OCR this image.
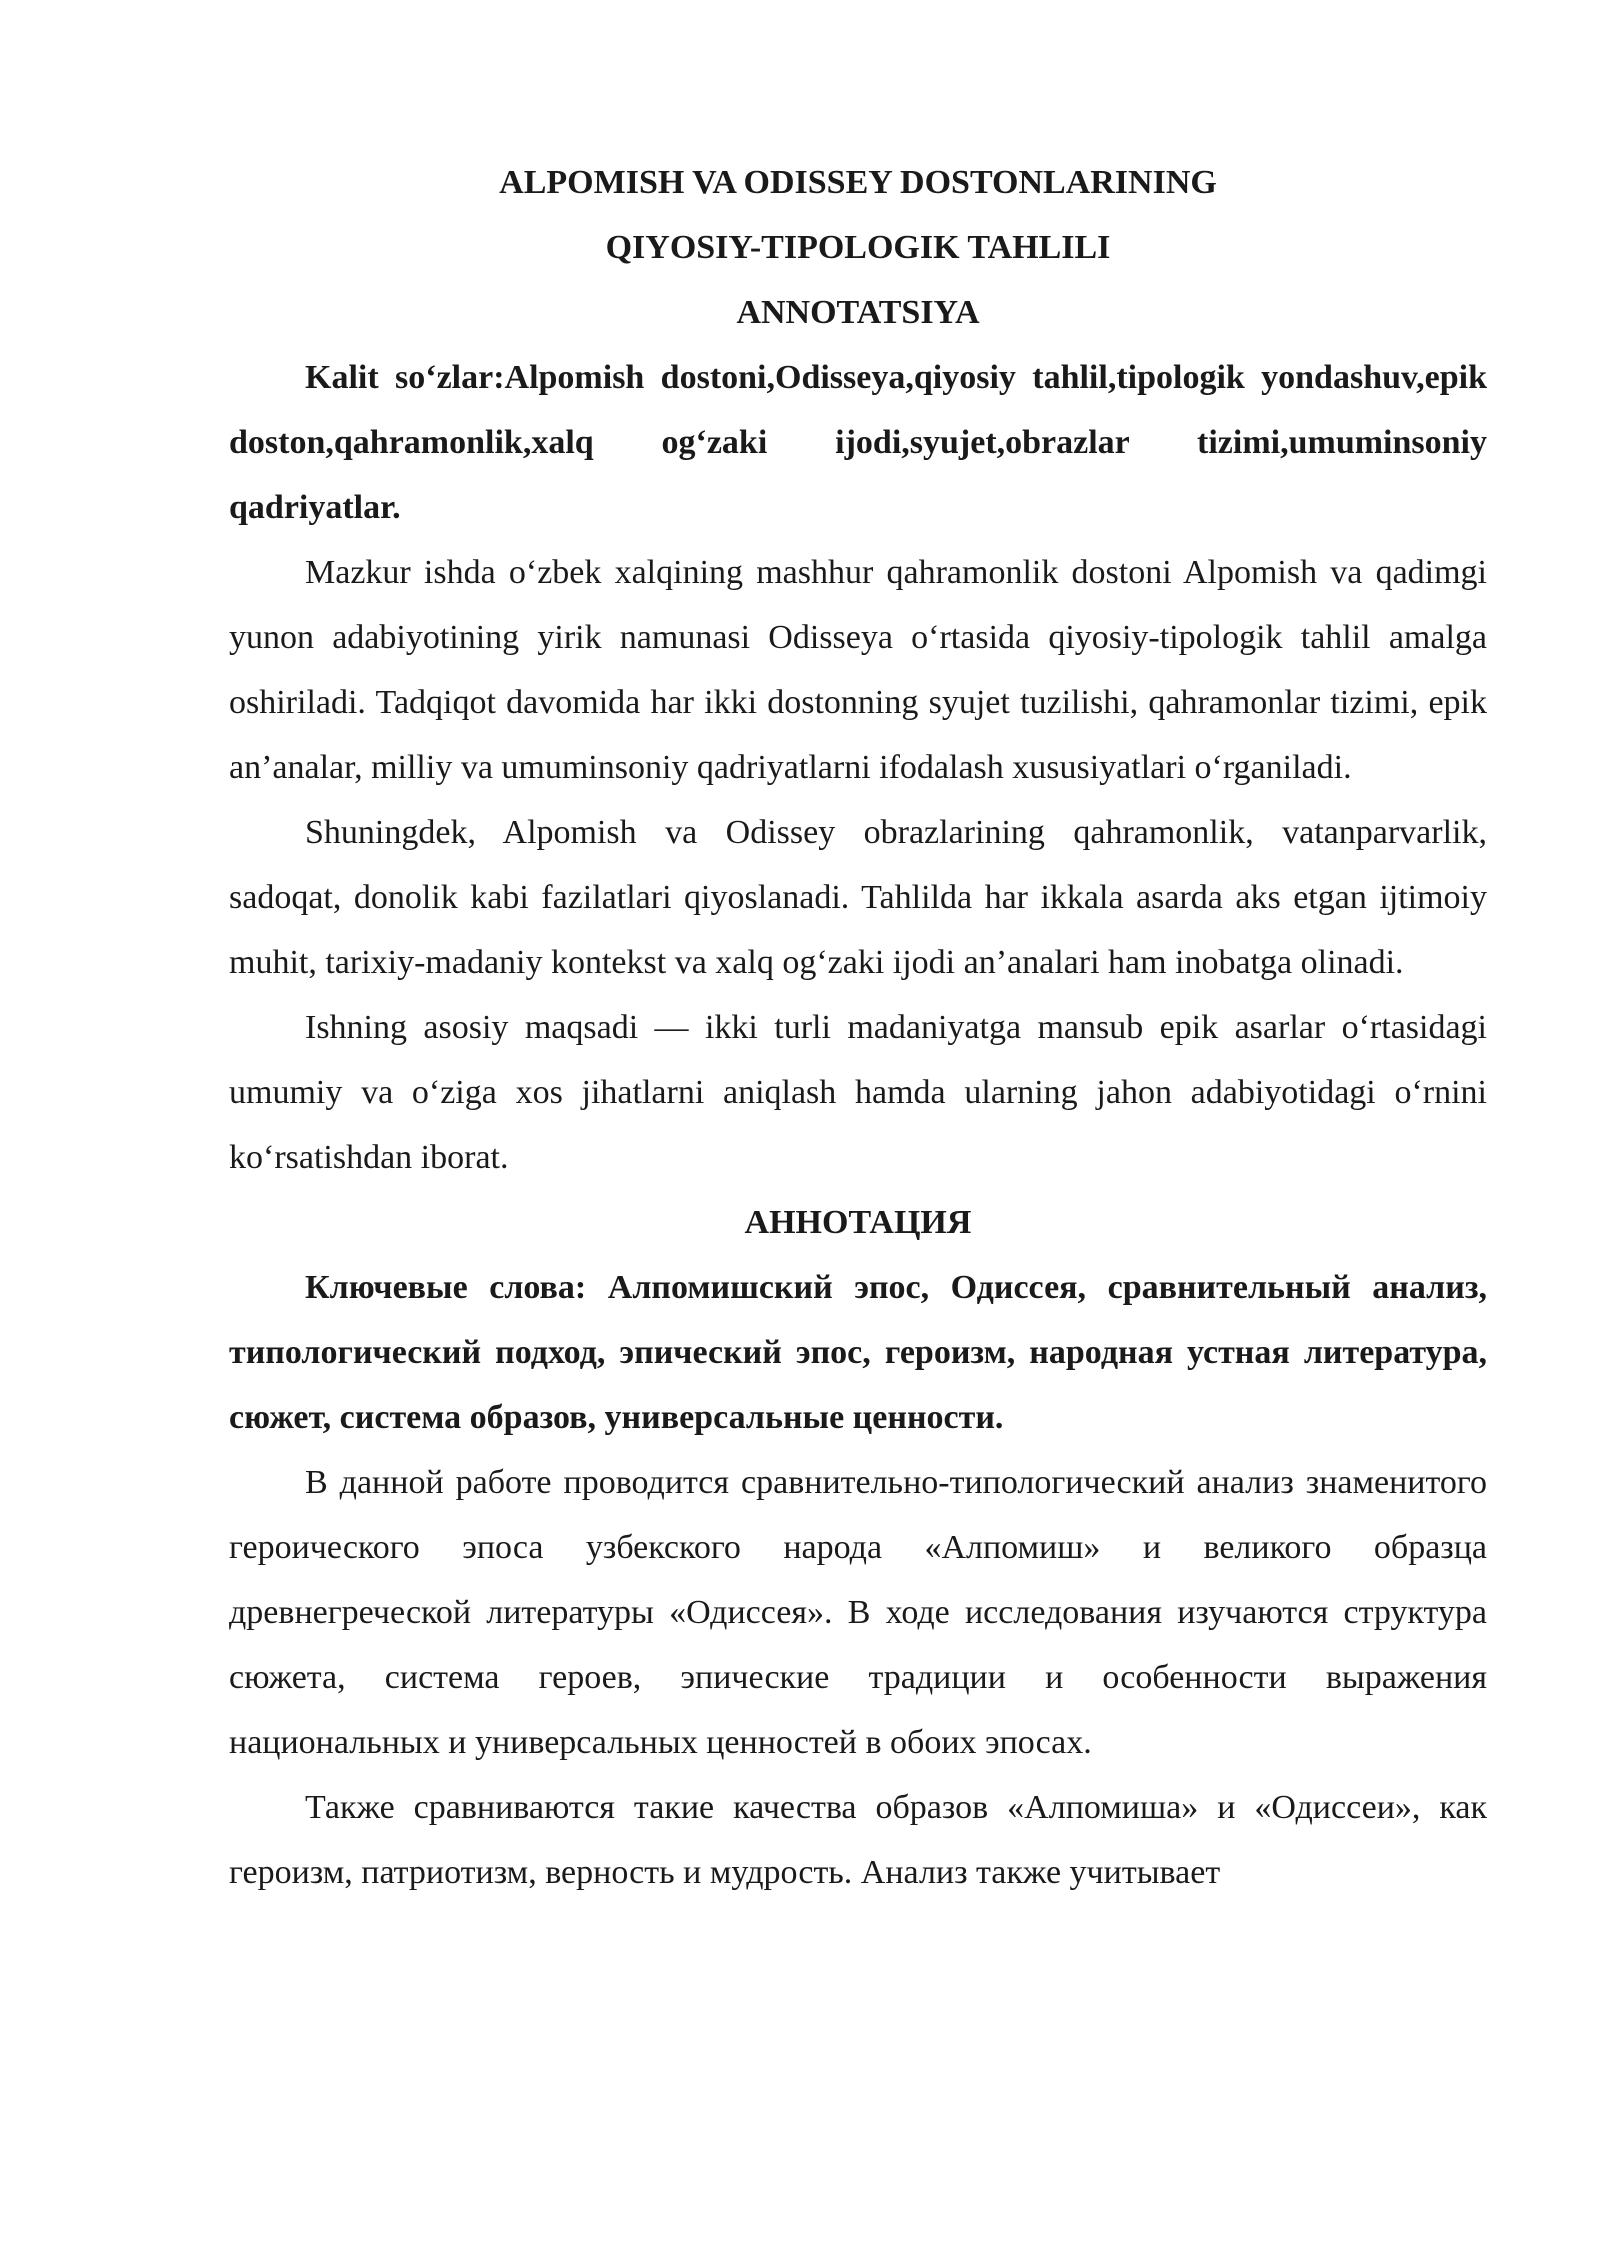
ALPOMISH VA ODISSEY DOSTONLARINING
QIYOSIY-TIPOLOGIK TAHLILI
ANNOTATSIYA

Kalit so‘zlar:Alpomish dostoni,Odisseya,qiyosiy tahlil,tipologik yondashuv,epik doston,qahramonlik,xalq og‘zaki ijodi,syujet,obrazlar tizimi,umuminsoniy qadriyatlar.

Mazkur ishda o‘zbek xalqining mashhur qahramonlik dostoni Alpomish va qadimgi yunon adabiyotining yirik namunasi Odisseya o‘rtasida qiyosiy-tipologik tahlil amalga oshiriladi. Tadqiqot davomida har ikki dostonning syujet tuzilishi, qahramonlar tizimi, epik an’analar, milliy va umuminsoniy qadriyatlarni ifodalash xususiyatlari o‘rganiladi.

Shuningdek, Alpomish va Odissey obrazlarining qahramonlik, vatanparvarlik, sadoqat, donolik kabi fazilatlari qiyoslanadi. Tahlilda har ikkala asarda aks etgan ijtimoiy muhit, tarixiy-madaniy kontekst va xalq og‘zaki ijodi an’analari ham inobatga olinadi.

Ishning asosiy maqsadi — ikki turli madaniyatga mansub epik asarlar o‘rtasidagi umumiy va o‘ziga xos jihatlarni aniqlash hamda ularning jahon adabiyotidagi o‘rnini ko‘rsatishdan iborat.

АННОТАЦИЯ

Ключевые слова: Алпомишский эпос, Одиссея, сравнительный анализ, типологический подход, эпический эпос, героизм, народная устная литература, сюжет, система образов, универсальные ценности.

В данной работе проводится сравнительно-типологический анализ знаменитого героического эпоса узбекского народа «Алпомиш» и великого образца древнегреческой литературы «Одиссея». В ходе исследования изучаются структура сюжета, система героев, эпические традиции и особенности выражения национальных и универсальных ценностей в обоих эпосах.

Также сравниваются такие качества образов «Алпомиша» и «Одиссеи», как героизм, патриотизм, верность и мудрость. Анализ также учитывает
